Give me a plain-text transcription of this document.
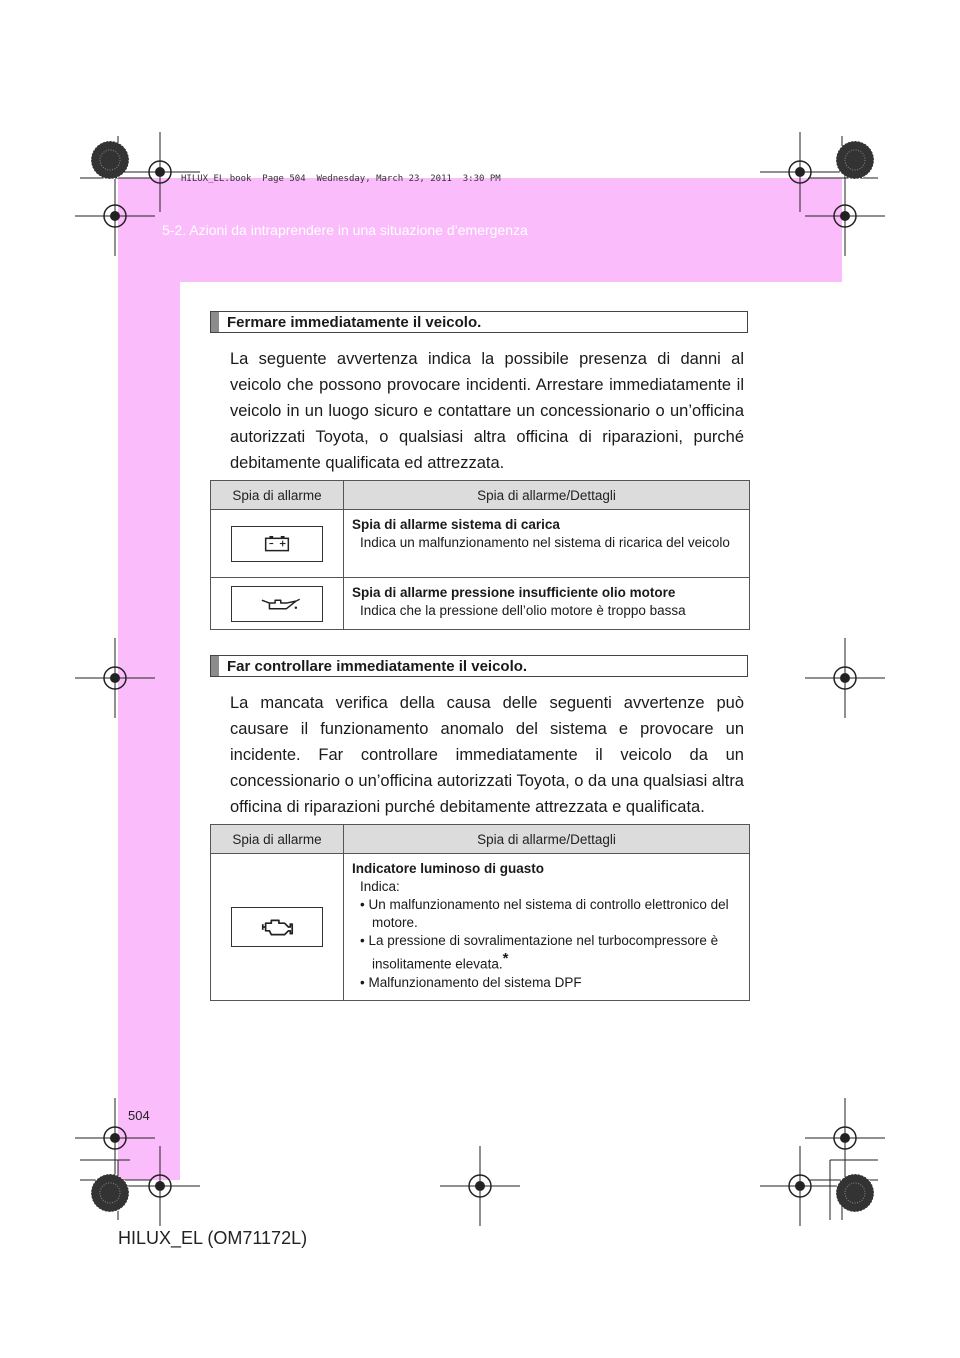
HILUX_EL.book  Page 504  Wednesday, March 23, 2011  3:30 PM
5-2. Azioni da intraprendere in una situazione d’emergenza
Fermare immediatamente il veicolo.
La seguente avvertenza indica la possibile presenza di danni al veicolo che possono provocare incidenti. Arrestare immediatamente il veicolo in un luogo sicuro e contattare un concessionario o un’officina autorizzati Toyota, o qualsiasi altra officina di riparazioni, purché debitamente qualificata ed attrezzata.
Spia di allarme	Spia di allarme/Dettagli

Spia di allarme sistema di carica
Indica un malfunzionamento nel sistema di ricarica del veicolo

Spia di allarme pressione insufficiente olio motore
Indica che la pressione dell’olio motore è troppo bassa
Far controllare immediatamente il veicolo.
La mancata verifica della causa delle seguenti avvertenze può causare il funzionamento anomalo del sistema e provocare un incidente. Far controllare immediatamente il veicolo da un concessionario o un’officina autorizzati Toyota, o da una qualsiasi altra officina di riparazioni purché debitamente attrezzata e qualificata.
Spia di allarme	Spia di allarme/Dettagli

Indicatore luminoso di guasto
Indica:
• Un malfunzionamento nel sistema di controllo elettronico del motore.
• La pressione di sovralimentazione nel turbocompressore è insolitamente elevata.*
• Malfunzionamento del sistema DPF
504
HILUX_EL (OM71172L)
